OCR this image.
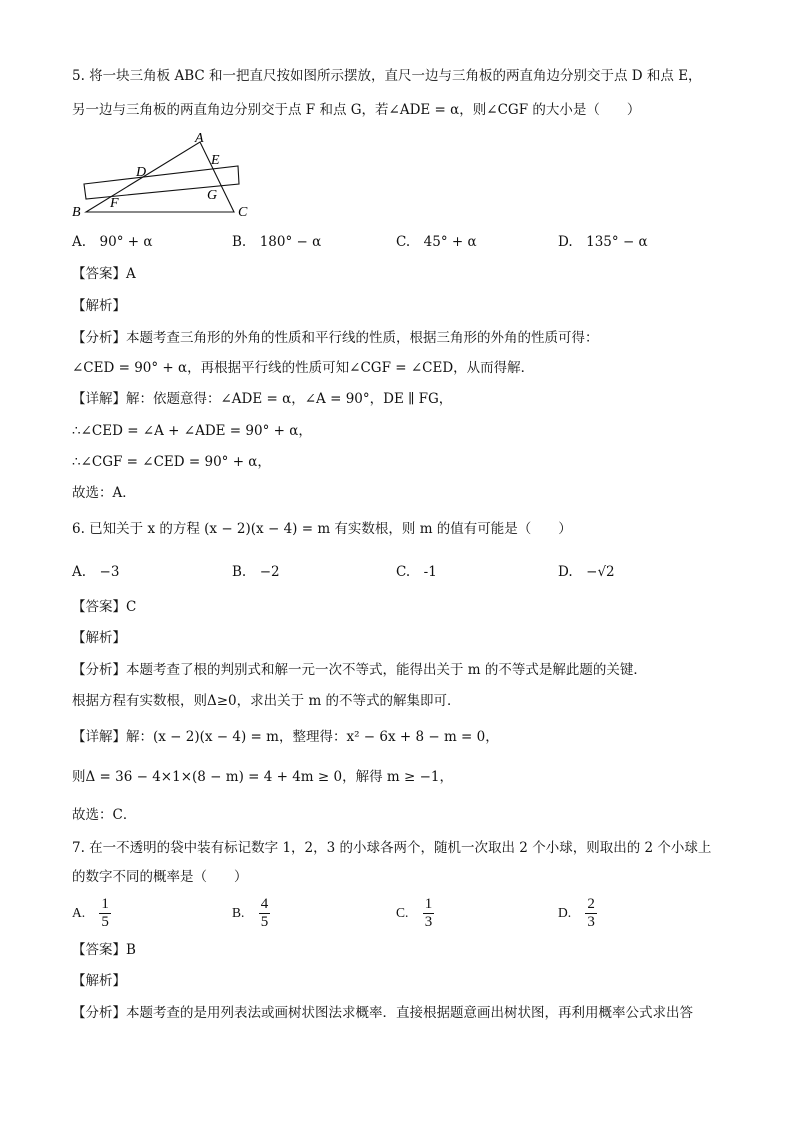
5. 将一块三角板 ABC 和一把直尺按如图所示摆放，直尺一边与三角板的两直角边分别交于点 D 和点 E，
另一边与三角板的两直角边分别交于点 F 和点 G，若∠ADE = α，则∠CGF 的大小是（　　）
A
B	C
D
E
F
G
A.　90° + α	B.　180° − α	C.　45° + α	D.　135° − α
【答案】A
【解析】
【分析】本题考查三角形的外角的性质和平行线的性质，根据三角形的外角的性质可得：
∠CED = 90° + α，再根据平行线的性质可知∠CGF = ∠CED，从而得解．
【详解】解：依题意得：∠ADE = α，∠A = 90°，DE ∥ FG，
∴∠CED = ∠A + ∠ADE = 90° + α，
∴∠CGF = ∠CED = 90° + α，
故选：A．
6. 已知关于 x 的方程 (x − 2)(x − 4) = m 有实数根，则 m 的值有可能是（　　）
A.　−3	B.　−2	C.　-1	D.　−√2
【答案】C
【解析】
【分析】本题考查了根的判别式和解一元一次不等式，能得出关于 m 的不等式是解此题的关键．
根据方程有实数根，则Δ≥0，求出关于 m 的不等式的解集即可．
【详解】解：(x − 2)(x − 4) = m，整理得：x² − 6x + 8 − m = 0，
则Δ = 36 − 4×1×(8 − m) = 4 + 4m ≥ 0，解得 m ≥ −1，
故选：C．
7. 在一不透明的袋中装有标记数字 1，2，3 的小球各两个，随机一次取出 2 个小球，则取出的 2 个小球上
的数字不同的概率是（　　）
A. $\frac{1}{5}$	B. $\frac{4}{5}$	C. $\frac{1}{3}$	D. $\frac{2}{3}$
【答案】B
【解析】
【分析】本题考查的是用列表法或画树状图法求概率．直接根据题意画出树状图，再利用概率公式求出答
